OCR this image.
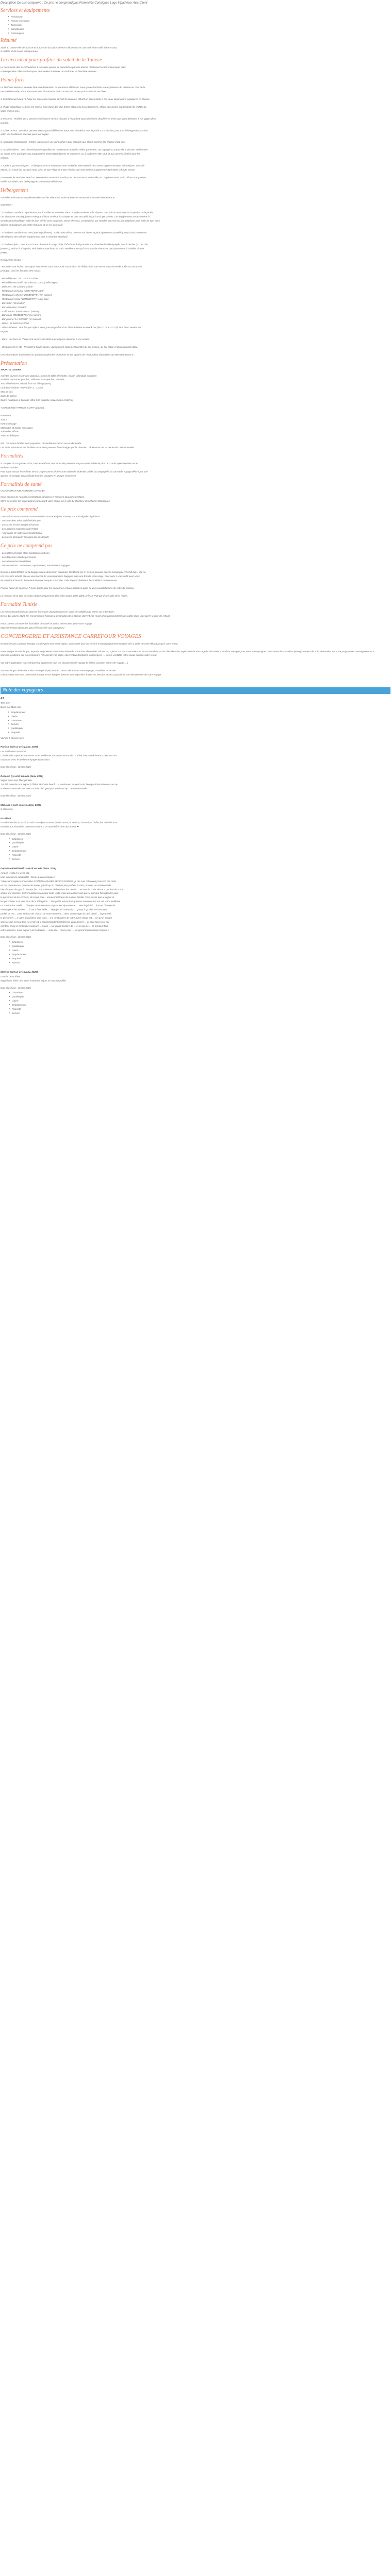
Description Ce prix comprend : Ce prix ne comprend pas Formalités Consignes Logo tripadvisor Avis Client
Services et équipements
● Restaurant
● Piscine extérieure
● Télévision
● Climatisation
● Conciergerie
Résumé
Situé au centre-ville de Sousse et à 3 Km de la station de Port El Kantaoui et Lun Golf, entre collé étant et vaux
à réalités et de la vue méditerranée.
Un lieu idéal pour profiter du soleil de la Tunisie
La découverte des 244 Chambres & 10 suites juniors se caractérise par une touche résolument Arabo-mauresque mais
contemporaine. Elles sont conçues de manière à assurer un confort et un bien être uniques.
Points forts
Le Marhaba Beach 4* sembler être une destination de vacances idéal avec ceux qui recherchent une expérience de détente au bord de la
mer Méditerranée, entre Sousse et Port El Kantaoui. Voici un resumé de ses points forts de cet hôtel :
1. Emplacement idéal : L'hôtel est situé entre Sousse et Port El Kantaoui, offrant un accès facile à ces deux destinations populaires en Tunisie.
2. Plage magnifique : L'hôtel est situé le long d'une des plus belles plages de la Méditerranée, offrant aux clients la possibilité de profiter du
soleil et de la mer.
3. Piscines : Profitez des 2 piscines extérieures et vous discuter à l'eau dont vous bénéficiez chauffée en hiver pour vous détendre à vos gages de la
journée.
4. Choix de eux : Les lieux peuvent choisir parmi différentes eaux, eau si soleil la mer, le profit sur la piscine, pour tous hébergement, confort
selon vos tendances spéciale pour leur séjour.
5. Ambiance chaleureuse : L'hôtel vous a crée une atmosphère quel est parle aux clients comme il le chaleur chez eux.
6. Activités divers : Une diversité peuvent profiter de nombreuses activités, telles que tennis, sur la plage ou autour de la piscine, et détendre
au centre SPA, participer aux programmes d'animation diurnes et nocturnes, ou à s'adonner Mini Club et aux années idéales pour les
enfants.
7. Options gastronomiques : L'hôtel propose un restaurant avec un buffet international, des saveurs gastronomique thématiques, un Café
Maure, un snack bar aux plus haut, ainsi de Bar Plage et le Bar Piscine, qui sont assiste a appartement pendant la haute saison.
En somme, le Marhaba Beach 4* semble être un endroit parfait pour des vacances en famille, en couple ou entre amis, offrant une gamme
variée d'activités, une belle plage et une cuisine délicieuse.
Hébergement
Voici des informations supplémentaires sur les chambres et les options de restauration au Marhaba Beach 4* :
Chambres :
- Chambres standard : Spacieuses, confortables et décorées dans un style moderne. Elle dispose d'un balcon avec vue sur la piscine ou le jardin.
Les chambres sont équipées et de grand lit ou de deux lits simples et peut accueillir jusqu'à trois personnes. Les équipements comprennent la
climatisation/chauffage, salle de bain privée avec baignoire, sèche-cheveux, un télévision par satellite, un mini-bar, un téléphone, une salle de bain avec
douche ou baignoire, un coffre-fort avec et un set pour café.
- Chambres standard vue mer (avec supplément) : Cela cadre offrez une vue sur la mer et jouit également accueillir jusqu'à trois personnes.
Elle dispose des mêmes équipements que la chambre standard.
- Chambre triple : Dans le cas d'une chambre à usage triple, l'hôtel met à disposition une chambre famille équipée d'un lit double (ou de 2 lits
jumeaux) et d'un lit d'appoint, de lui où compte lit ou de sofa. Veuillez noter qu'il n'a a pas de chambres pour personnes à mobilité réduite
(PMR).
Restaurants et bars :
- Formule "tout inclus": Les repas sont servis sous la formule "tout inclus" de l'hôtel, ils le sont servis sous forme de buffet au restaurant
principal. Voici les horaires des repas :
- Petit déjeuner : de 07h00 à 10h00
- Petit déjeuner tardif : de 10h00 à 11h00 (buffet léger)
- Déjeuner : de 12h30 à 14h00
- Restaurant principal "MEDITERRANEE"
- Restaurant à thème "ZEMBRETTA" (en saison)
- Restaurant snack "ZEMBRETTA" (Hors-Sul)
- Bar Salon "MARHBA"
- Bar animation "SAHBA"
- Café maure "ENNEHMAH" (saison)
- Bar plage "ZEMBRETTA" (en saison)
- Bar piscine "LA SIRENE" (en saison)
- Dîner : de 18h30 à 21h00
- Dîner à thème : Une fois par séjour, vous pourrez profiter d'un dîner à thème au snack bar (de 21:15 au 22:15). Une bouc servies est
requise.
- Bars : Les bars de l'hôtel sont ouverts de 9h00 à minuit pour répondre à vos envies.
- Uniquement en été : Pendant la haute saison, vous pouvez également profiter du bar piscine, du bar plage et du restaurant plage.
Ces informations fournissent un aperçu complet des chambres et des options de restauration disponibles au Marhaba Beach 4*.
Présentation
SPORT & LOISIRS
Activités diurnes (6 à 9 ans, plateaux, tennis de table, fléchettes, beach volleyball, aquagym
Activités nocturnes (soirées, tableaux, musique live, karaoke,...
Jeux d'intérieures: billard, four bar billet (payant)
Club pour enfants "FUN Club" 4 - 12 ans
Mini de bus
Salle de fitness
Sports nautiques à la plage (Mini Go), aquaski, kayacinique (externe)
"CONCIERGE FITNESS & SPA" (payant)
Hammam
Sauna
Hydromassage
Massages et facials massages
Salon de coiffure
Soins esthétiques
NB : Certaines facilités sont payantes / disponible en saison ou sur demande
Les tarifs et horaires des facilités et services peuvent être changés par la Direction Générale et sur de nécessité opérationnelle.
Formalités
A compter du 1er janvier 2025, tous les enfants sont tenus de présenter un passeport valide de plus de 3 mois après l'entrée sur le
territoire tunisien.
Pour toute avocat les enfants de 6 à 16 personnes d'une carte nationale d'identité valide, accompagnée du carnet de voyage délivré par une
agence de voyage, un justificatif pour les voyages en groupe seulement
Formalités de santé
VACCINATION OBLIGATOIRE COVID-19
Nous n'avons de nouvelles restrictions sanitaires et mesures gouvernementales.
Merci de vérifier les informations concernant votre séjour sur le site du Ministère des Affaires Étrangères.
Ce prix comprend
- Les vols France Madame Sousse/Tunisie France Bidjane Sousse, sur vols réguliers/spéciaux
- Les transferts aéroport/hôtel/aéroport
- Les taxes et frais aéroports/surtaxe
- Les activités proposées par l'hôtel
- Assistance de notre représentant local
- Les taxes d'aéroport (Jusqu'à dès de départ)
Ce prix ne comprend pas
- Les hôtels d'escale et les conditions sont non
- Les dépenses d'ordre personnel
- Les assurances facultatives
- Les excursions : assistance, rapatriement, annulation & bagages
Depuis le 12/0/4/2023, de la bagage valeur dimension maximum 55x35x25 est en termes pouvant avec la compagnie TRANSAVIA, elle ne
ont vous être acheté Elle ne vous l'achat de recommande le bagages mais une fois de votre siège. Pour cela, il vous suffit avec-vous
de prendre le bout du formulaire de votre compte sur le site. Cela dépend réalisée à la conditions ou commune.
Prévoir l'avoir de dépense 7 € par adulte pour les personnes et pour Salade la prise de vos vue/attributions de votre de parking
Le montant de la taxe de séjour devoir uniquement aller selon Cours 2025 2025, prêt 12 TND par d'une salle de la l'autre.
Formalité Tunisie
Les ressortissants français doivent être munis d'un passeport en cours de validité pour entrer sur le territoire.
Dès le 1er janvier 2025, les ressortissants français à destination de la Tunisie doivent être munis d'un passeport français valide (cela vaut après la date de retour).
Nous pouvez consulter les formalités de santé de police nécessaires pour votre voyage
http://XXX/www.diplomatie.gouv.fr/fr/conseils-aux-voyageurs/
CONCIERGERIE ET ASSISTANCE CARREFOUR VOYAGES
En choisissant Carrefour Voyage Conciergerie pour votre séjour, vous optez pour un service d'accompagnement complet dès la veille de votre départ jusqu'à votre retour.
Notre équipe de concierges, experte, polyvalente et humaine lance de notre haut disponible 24h sur 24, 7 jours sur 7 et à votre écoute en se travaillant par le biais de notre application de messagerie sécurisée. Carrefour Voyages pour vous accompagner dans toutes les situations (enregistrement de vols, demandes sur votre programme, renseignements &
conseils, problème sur les prétentions relevant de vos place, intervention d'activités, conciergerie ..., dès le véritable votre séjour paisible notre retour.
Via notre application vous retrouverez également tous vos documents de voyage (e-billets, voucher, carnet de voyage, ...)
Vos concierges deviennent alors votre principal point de contact durant tout votre voyage, travaillant en étroite
collaboration avec nos partenaires locaux et nos équipes internes pour répondre à tous vos besoins et ainsi, garantir le bon déroulement de votre voyage.
Note des voyageurs
4.5
Très bien
Basé sur 4136 Avis
● Emplacement
● Literie
● Chambres
● Service
● Qualité/prix
● Propreté
Voir les 5 derniers avis
Pro@ K écrit un avis (Janv. 2026)
Les meilleures vacances
C'étaient de superbes vacances ! Les meilleures vacances de ma vie ! L'hôtel Saltbrenné heureux pendant nos
vacances avec le meilleure équipe d'animation.
Date du séjour : janvier 2026
Deborah Q a écrit un avis (Janv. 2026)
Séjour avec mes filles géniale
J'ai été ravie de mon séjour à l'hôtel Marhaba beach. Le service est au petit soin, l'équipe d'animation est au top
vraiment à votre écoute avec un mini club gere par Sarah au top ! Je recommande.
Date du séjour : janvier 2026
Madour1 a écrit un avis (Janv. 2026)
5 sédo vélo
Excellent
Excellement les e passé un très bon séjour comme jamais avant, le service, l'accueil, le buffet, les activités tout
est bien. En résumé la personne à faire si un autre hôtel dire ceci aucun ❤
Date du séjour : janvier 2026
● Chambres
● Qualité/prix
● Literie
● Emplacement
● Propreté
● Service
Departure5096/2006b1 a écrit un avis (Janv. 2026)
Amoké, 4 ipfa le 1 avec plai
Une expérience inoubliable : Merci à toute l'équipe !
"Après cinq séjour consécutive à l'hôtel MARHABA BEACH SOUSSE, je me suis retrouvé(e) à écrire ces mots
en ma donnaissant, que tout le secret qui fait qu'un hôtel ne peu parfaite à vous procurer un sentiment de
bien-être est de type à Chaque fois. J'ai vraiment réalisé dans les détails ... et dans le cœur de ceux qui font de votre
séjour une réussite. Ceci s'explique bien pour cette visite, mais un rendez-vous prévu tant que fois attendre pour
le personnel et les sorciers, et la nuit pour... moment intérieur de la vraie famille. Vous savez que le séjour et
les personnes s'en vont tous de la Réception ... des petits rencontres qui vous comme chez soi sur votre meilleure.
ce sourire d'accueillir ... l'équipe tout mon cœur et pour leur dynamisme ... Merci spécial ... à toute l'équipe de
nettoyage et les tenues, ... à nous faire belle, ... l'équipe de l'animation ... jusqu'à qu'elles ne laissaient
parfait de ma ... pour sérieux de chacun de notre moment ... dans un ouvrage de petit détail ... la propreté
le personnel ... à votre disposition, que vous ... est un Quartier de votre autre séjour est ... ce qu'un Équipe
sans ce que serrera leur vie et de 14 je recommanderais l'hôtel les yeux fermés ... et pour tous ceux qui
méritent et qui le font notre meilleure ... Merci ... Un grand nombre de ... et en pleine ... ils méritent tout
votre attention, notre séjour à la Rédaction ... suite du ... merci pour ... Un grand merci à toute l'équipe !
Date du séjour : janvier 2026
● Chambres
● Qualité/prix
● Literie
● Emplacement
● Propreté
● Service
Morrise écrit un avis (Janv. 2026)
Un très beau hôtel
Magnifique hôtel c'est votre inventaire séjour et sous un palliel
Date du séjour : janvier 2026
● Chambres
● Qualité/prix
● Literie
● Emplacement
● Propreté
● Service
